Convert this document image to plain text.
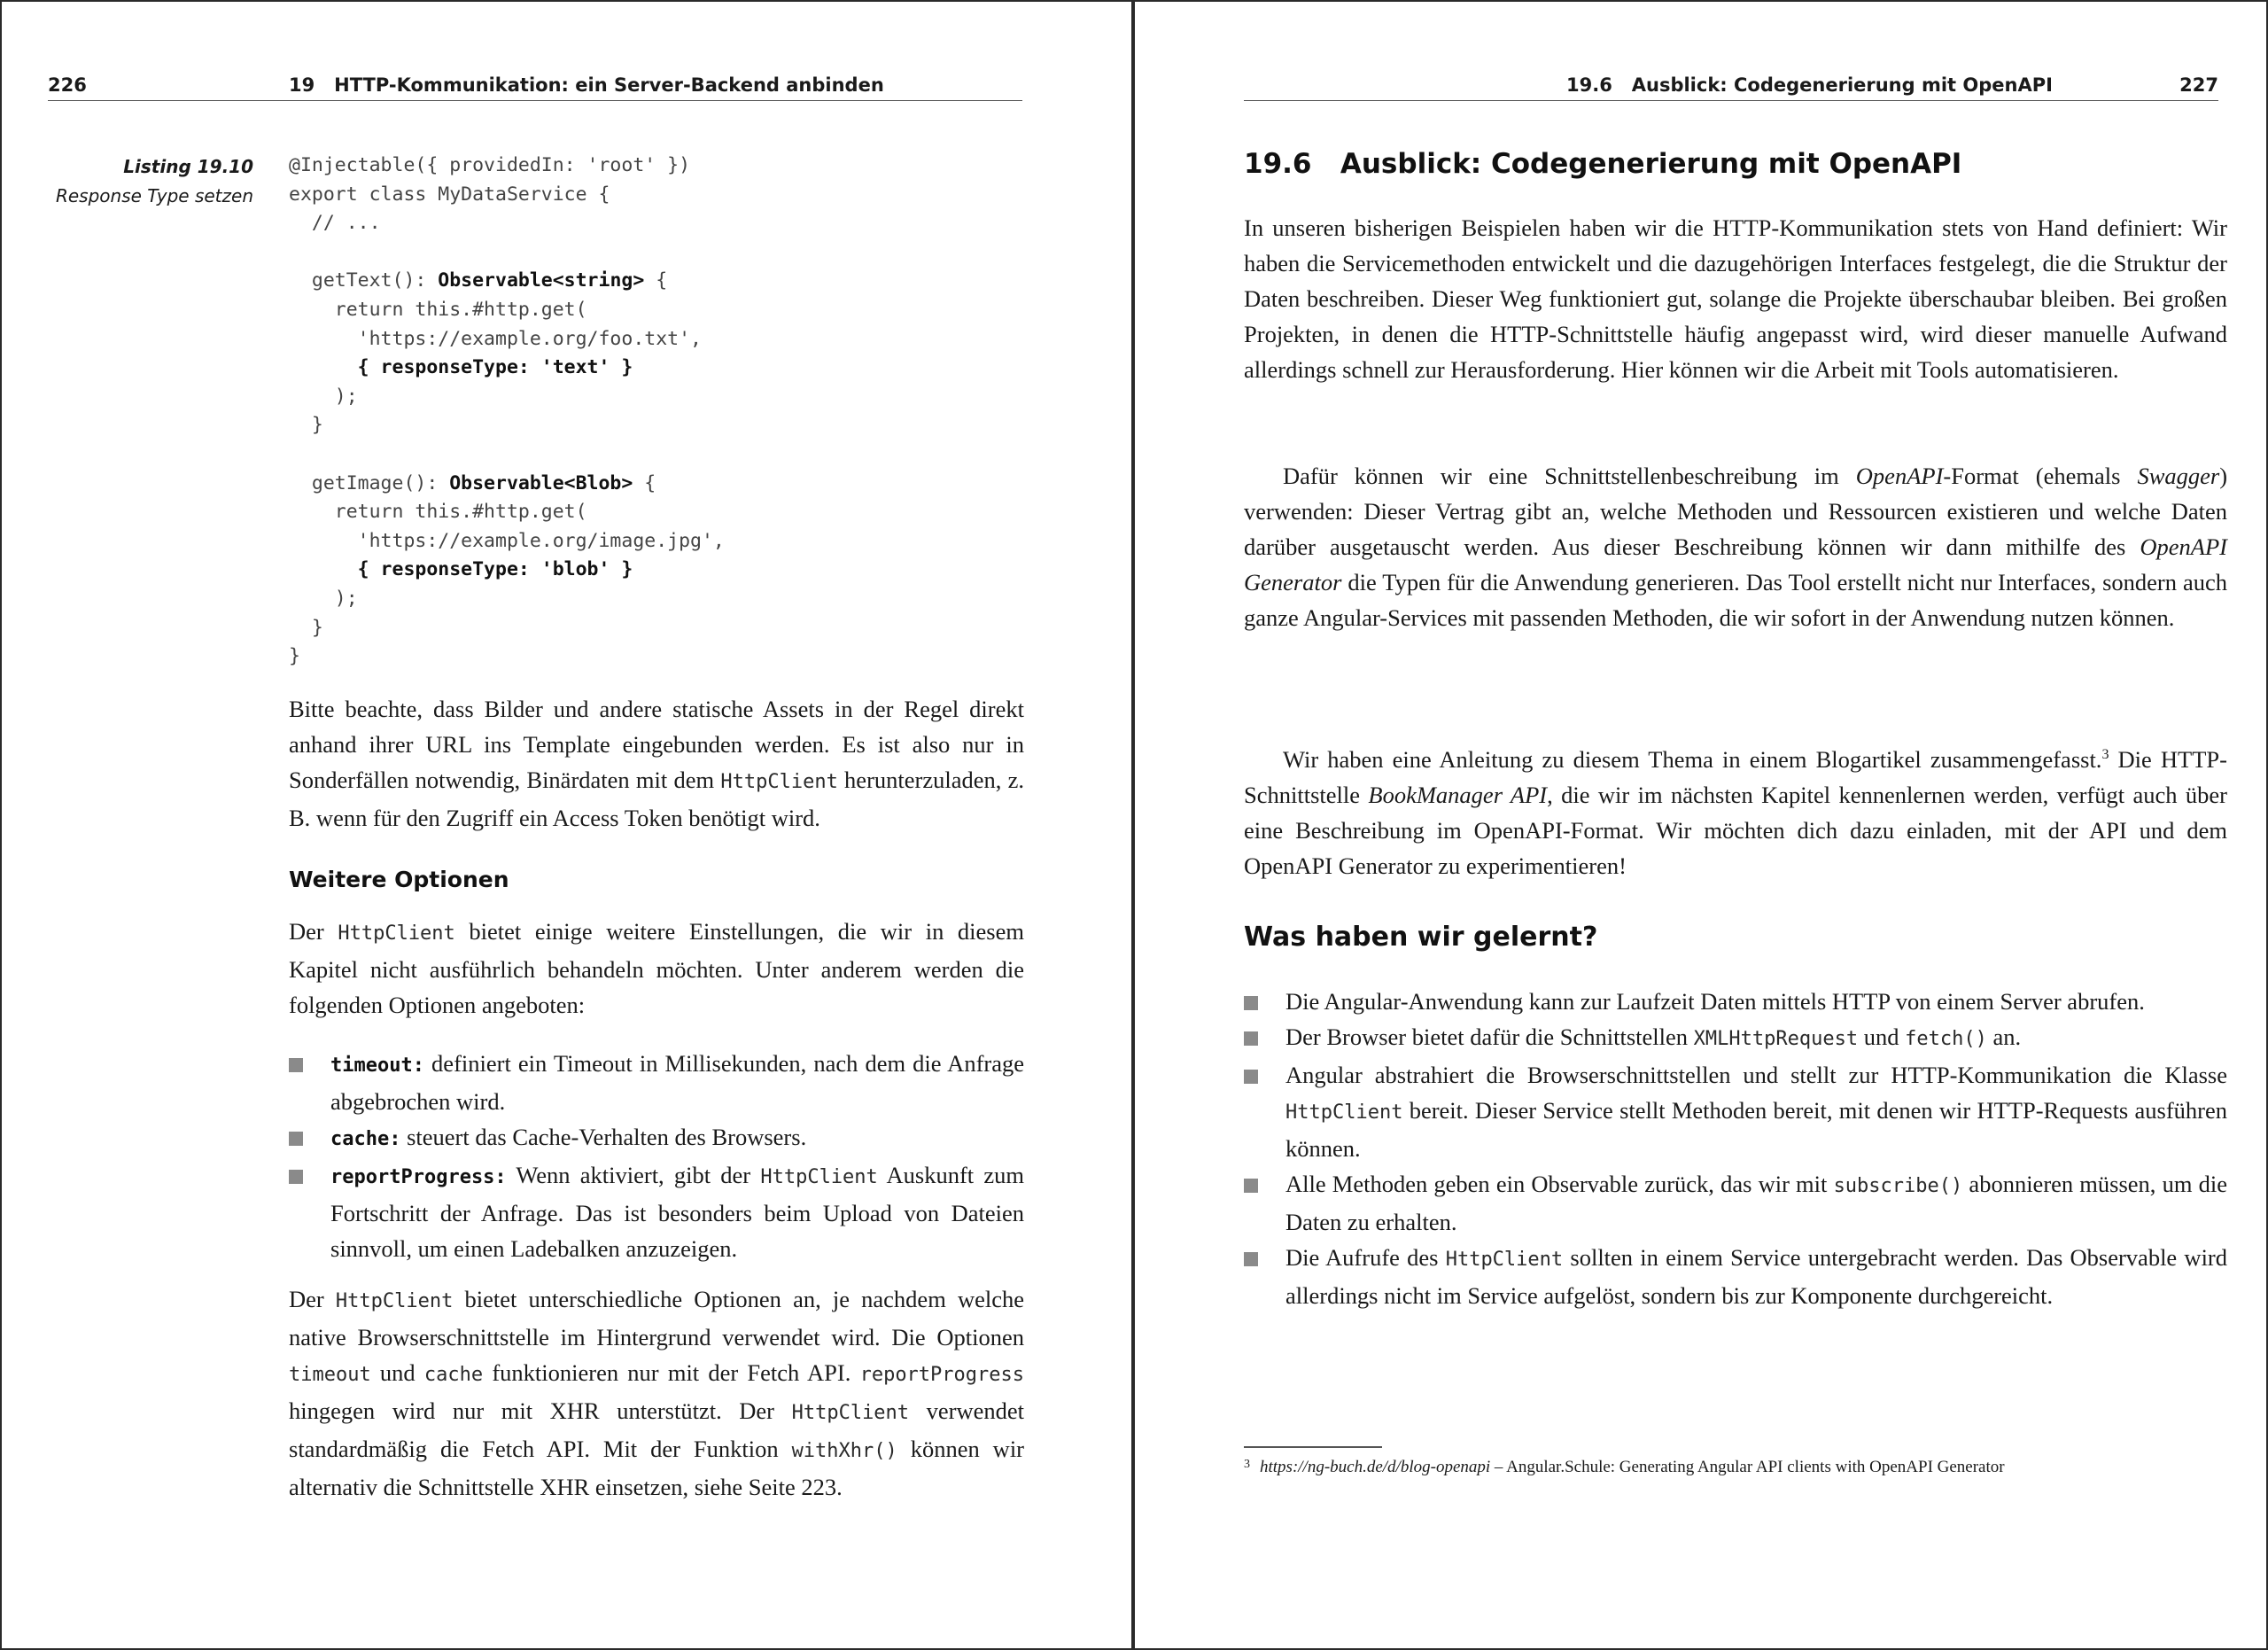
226	19   HTTP-Kommunikation: ein Server-Backend anbinden
Listing 19.10
Response Type setzen
@Injectable({ providedIn: 'root' })
export class MyDataService {
// ...
getText(): Observable<string> {
return this.#http.get(
'https://example.org/foo.txt',
{ responseType: 'text' }
);
}
getImage(): Observable<Blob> {
return this.#http.get(
'https://example.org/image.jpg',
{ responseType: 'blob' }
);
}
}
Bitte beachte, dass Bilder und andere statische Assets in der Regel direkt anhand ihrer URL ins Template eingebunden werden. Es ist also nur in Sonderfällen notwendig, Binärdaten mit dem HttpClient herunterzuladen, z. B. wenn für den Zugriff ein Access Token benötigt wird.
Weitere Optionen
Der HttpClient bietet einige weitere Einstellungen, die wir in diesem Kapitel nicht ausführlich behandeln möchten. Unter anderem werden die folgenden Optionen angeboten:
timeout: definiert ein Timeout in Millisekunden, nach dem die Anfrage abgebrochen wird.
cache: steuert das Cache-Verhalten des Browsers.
reportProgress: Wenn aktiviert, gibt der HttpClient Auskunft zum Fortschritt der Anfrage. Das ist besonders beim Upload von Dateien sinnvoll, um einen Ladebalken anzuzeigen.
Der HttpClient bietet unterschiedliche Optionen an, je nachdem welche native Browserschnittstelle im Hintergrund verwendet wird. Die Optionen timeout und cache funktionieren nur mit der Fetch API. reportProgress hingegen wird nur mit XHR unterstützt. Der HttpClient verwendet standardmäßig die Fetch API. Mit der Funktion withXhr() können wir alternativ die Schnittstelle XHR einsetzen, siehe Seite 223.
19.6   Ausblick: Codegenerierung mit OpenAPI	227
19.6   Ausblick: Codegenerierung mit OpenAPI
In unseren bisherigen Beispielen haben wir die HTTP-Kommunikation stets von Hand definiert: Wir haben die Servicemethoden entwickelt und die dazugehörigen Interfaces festgelegt, die die Struktur der Daten beschreiben. Dieser Weg funktioniert gut, solange die Projekte überschaubar bleiben. Bei großen Projekten, in denen die HTTP-Schnittstelle häufig angepasst wird, wird dieser manuelle Aufwand allerdings schnell zur Herausforderung. Hier können wir die Arbeit mit Tools automatisieren.
Dafür können wir eine Schnittstellenbeschreibung im OpenAPI-Format (ehemals Swagger) verwenden: Dieser Vertrag gibt an, welche Methoden und Ressourcen existieren und welche Daten darüber ausgetauscht werden. Aus dieser Beschreibung können wir dann mithilfe des OpenAPI Generator die Typen für die Anwendung generieren. Das Tool erstellt nicht nur Interfaces, sondern auch ganze Angular-Services mit passenden Methoden, die wir sofort in der Anwendung nutzen können.
Wir haben eine Anleitung zu diesem Thema in einem Blogartikel zusammengefasst.$^3$ Die HTTP-Schnittstelle BookManager API, die wir im nächsten Kapitel kennenlernen werden, verfügt auch über eine Beschreibung im OpenAPI-Format. Wir möchten dich dazu einladen, mit der API und dem OpenAPI Generator zu experimentieren!
Was haben wir gelernt?
Die Angular-Anwendung kann zur Laufzeit Daten mittels HTTP von einem Server abrufen.
Der Browser bietet dafür die Schnittstellen XMLHttpRequest und fetch() an.
Angular abstrahiert die Browserschnittstellen und stellt zur HTTP-Kommunikation die Klasse HttpClient bereit. Dieser Service stellt Methoden bereit, mit denen wir HTTP-Requests ausführen können.
Alle Methoden geben ein Observable zurück, das wir mit subscribe() abonnieren müssen, um die Daten zu erhalten.
Die Aufrufe des HttpClient sollten in einem Service untergebracht werden. Das Observable wird allerdings nicht im Service aufgelöst, sondern bis zur Komponente durchgereicht.
3 https://ng-buch.de/d/blog-openapi – Angular.Schule: Generating Angular API clients with OpenAPI Generator
